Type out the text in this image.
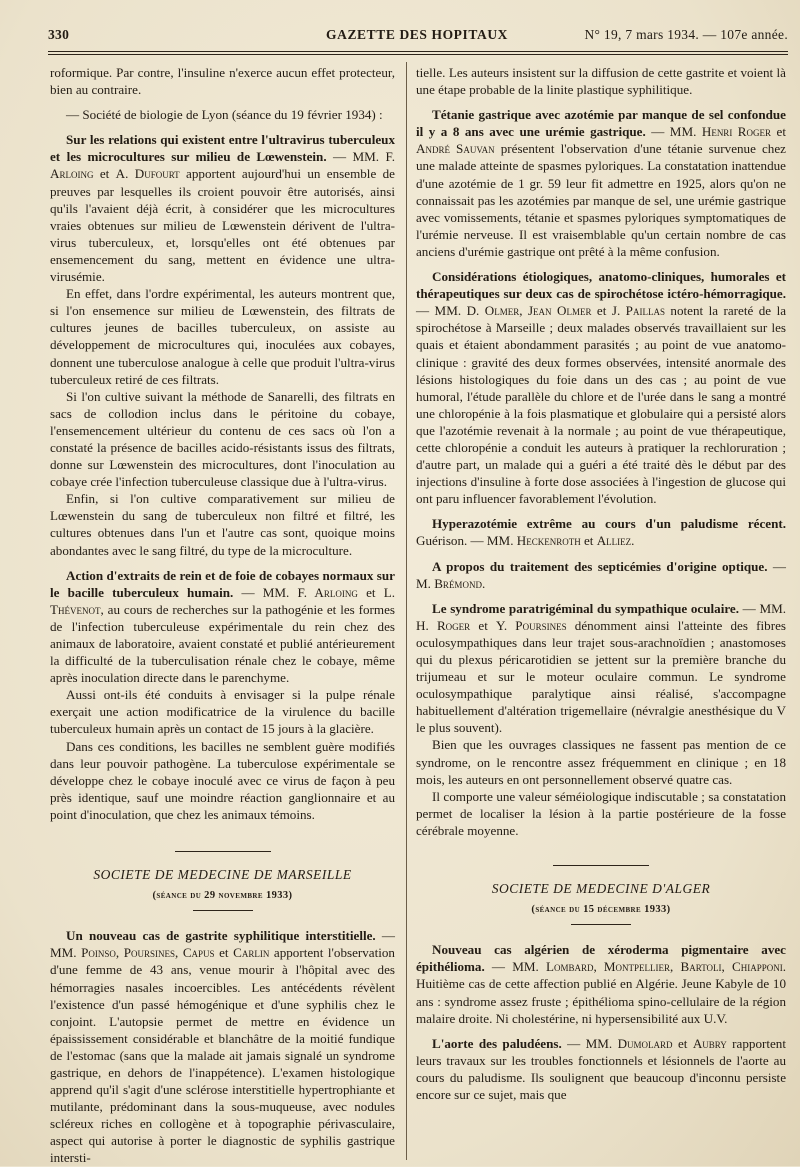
330	GAZETTE DES HOPITAUX	N° 19, 7 mars 1934. — 107e année.

roformique. Par contre, l'insuline n'exerce aucun effet protecteur, bien au contraire.

— Société de biologie de Lyon (séance du 19 février 1934) :

Sur les relations qui existent entre l'ultravirus tuberculeux et les microcultures sur milieu de Lœwenstein. — MM. F. Arloing et A. Dufourt apportent aujourd'hui un ensemble de preuves par lesquelles ils croient pouvoir être autorisés, ainsi qu'ils l'avaient déjà écrit, à considérer que les microcultures vraies obtenues sur milieu de Lœwenstein dérivent de l'ultra-virus tuberculeux, et, lorsqu'elles ont été obtenues par ensemencement du sang, mettent en évidence une ultra-virusémie.

En effet, dans l'ordre expérimental, les auteurs montrent que, si l'on ensemence sur milieu de Lœwenstein, des filtrats de cultures jeunes de bacilles tuberculeux, on assiste au développement de microcultures qui, inoculées aux cobayes, donnent une tuberculose analogue à celle que produit l'ultra-virus tuberculeux retiré de ces filtrats.

Si l'on cultive suivant la méthode de Sanarelli, des filtrats en sacs de collodion inclus dans le péritoine du cobaye, l'ensemencement ultérieur du contenu de ces sacs où l'on a constaté la présence de bacilles acido-résistants issus des filtrats, donne sur Lœwenstein des microcultures, dont l'inoculation au cobaye crée l'infection tuberculeuse classique due à l'ultra-virus.

Enfin, si l'on cultive comparativement sur milieu de Lœwenstein du sang de tuberculeux non filtré et filtré, les cultures obtenues dans l'un et l'autre cas sont, quoique moins abondantes avec le sang filtré, du type de la microculture.

Action d'extraits de rein et de foie de cobayes normaux sur le bacille tuberculeux humain. — MM. F. Arloing et L. Thévenot, au cours de recherches sur la pathogénie et les formes de l'infection tuberculeuse expérimentale du rein chez des animaux de laboratoire, avaient constaté et publié antérieurement la difficulté de la tuberculisation rénale chez le cobaye, même après inoculation directe dans le parenchyme.

Aussi ont-ils été conduits à envisager si la pulpe rénale exerçait une action modificatrice de la virulence du bacille tuberculeux humain après un contact de 15 jours à la glacière.

Dans ces conditions, les bacilles ne semblent guère modifiés dans leur pouvoir pathogène. La tuberculose expérimentale se développe chez le cobaye inoculé avec ce virus de façon à peu près identique, sauf une moindre réaction ganglionnaire et au point d'inoculation, que chez les animaux témoins.

SOCIETE DE MEDECINE DE MARSEILLE
(séance du 29 novembre 1933)

Un nouveau cas de gastrite syphilitique interstitielle. — MM. Poinso, Poursines, Capus et Carlin apportent l'observation d'une femme de 43 ans, venue mourir à l'hôpital avec des hémorragies nasales incoercibles. Les antécédents révèlent l'existence d'un passé hémogénique et d'une syphilis chez le conjoint. L'autopsie permet de mettre en évidence un épaississement considérable et blanchâtre de la moitié fundique de l'estomac (sans que la malade ait jamais signalé un syndrome gastrique, en dehors de l'inappétence). L'examen histologique apprend qu'il s'agit d'une sclérose interstitielle hypertrophiante et mutilante, prédominant dans la sous-muqueuse, avec nodules scléreux riches en collogène et à topographie périvasculaire, aspect qui autorise à porter le diagnostic de syphilis gastrique intersti-

tielle. Les auteurs insistent sur la diffusion de cette gastrite et voient là une étape probable de la linite plastique syphilitique.

Tétanie gastrique avec azotémie par manque de sel confondue il y a 8 ans avec une urémie gastrique. — MM. Henri Roger et André Sauvan présentent l'observation d'une tétanie survenue chez une malade atteinte de spasmes pyloriques. La constatation inattendue d'une azotémie de 1 gr. 59 leur fit admettre en 1925, alors qu'on ne connaissait pas les azotémies par manque de sel, une urémie gastrique avec vomissements, tétanie et spasmes pyloriques symptomatiques de l'urémie nerveuse. Il est vraisemblable qu'un certain nombre de cas anciens d'urémie gastrique ont prêté à la même confusion.

Considérations étiologiques, anatomo-cliniques, humorales et thérapeutiques sur deux cas de spirochétose ictéro-hémorragique. — MM. D. Olmer, Jean Olmer et J. Paillas notent la rareté de la spirochétose à Marseille ; deux malades observés travaillaient sur les quais et étaient abondamment parasités ; au point de vue anatomo-clinique : gravité des deux formes observées, intensité anormale des lésions histologiques du foie dans un des cas ; au point de vue humoral, l'étude parallèle du chlore et de l'urée dans le sang a montré une chloropénie à la fois plasmatique et globulaire qui a persisté alors que l'azotémie revenait à la normale ; au point de vue thérapeutique, cette chloropénie a conduit les auteurs à pratiquer la rechloruration ; d'autre part, un malade qui a guéri a été traité dès le début par des injections d'insuline à forte dose associées à l'ingestion de glucose qui ont paru influencer favorablement l'évolution.

Hyperazotémie extrême au cours d'un paludisme récent. Guérison. — MM. Heckenroth et Alliez.

A propos du traitement des septicémies d'origine optique. — M. Brémond.

Le syndrome paratrigéminal du sympathique oculaire. — MM. H. Roger et Y. Poursines dénomment ainsi l'atteinte des fibres oculosympathiques dans leur trajet sous-arachnoïdien ; anastomoses qui du plexus péricarotidien se jettent sur la première branche du trijumeau et sur le moteur oculaire commun. Le syndrome oculosympathique paralytique ainsi réalisé, s'accompagne habituellement d'altération trigemellaire (névralgie anesthésique du V le plus souvent).

Bien que les ouvrages classiques ne fassent pas mention de ce syndrome, on le rencontre assez fréquemment en clinique ; en 18 mois, les auteurs en ont personnellement observé quatre cas.

Il comporte une valeur séméiologique indiscutable ; sa constatation permet de localiser la lésion à la partie postérieure de la fosse cérébrale moyenne.

SOCIETE DE MEDECINE D'ALGER
(séance du 15 décembre 1933)

Nouveau cas algérien de xéroderma pigmentaire avec épithélioma. — MM. Lombard, Montpellier, Bartoli, Chiapponi. Huitième cas de cette affection publié en Algérie. Jeune Kabyle de 10 ans : syndrome assez fruste ; épithélioma spino-cellulaire de la région malaire droite. Ni cholestérine, ni hypersensibilité aux U.V.

L'aorte des paludéens. — MM. Dumolard et Aubry rapportent leurs travaux sur les troubles fonctionnels et lésionnels de l'aorte au cours du paludisme. Ils soulignent que beaucoup d'inconnu persiste encore sur ce sujet, mais que
